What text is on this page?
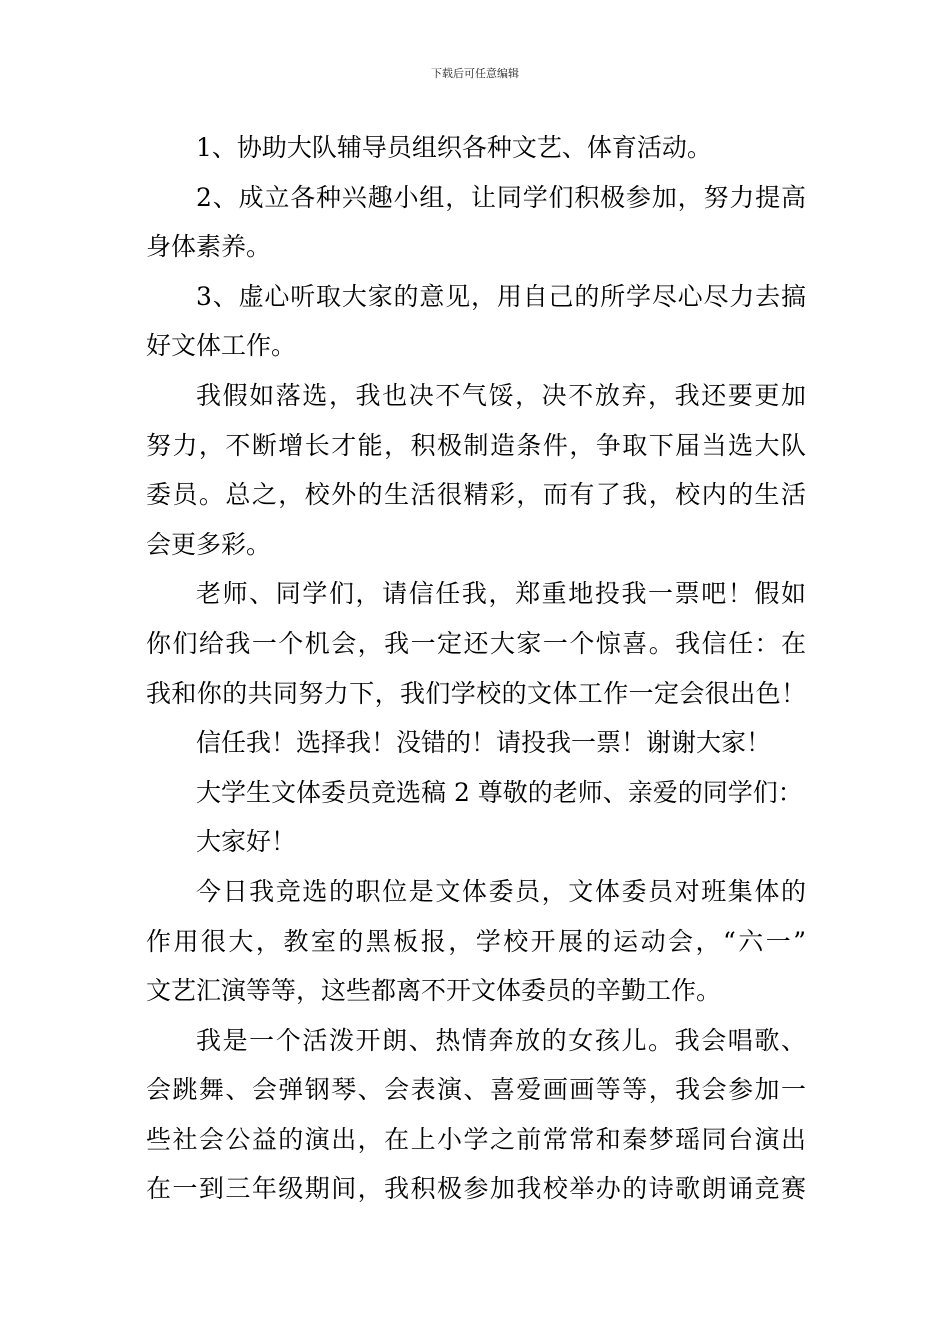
下载后可任意编辑
1、协助大队辅导员组织各种文艺、体育活动。
2、成立各种兴趣小组，让同学们积极参加，努力提高
身体素养。
3、虚心听取大家的意见，用自己的所学尽心尽力去搞
好文体工作。
我假如落选，我也决不气馁，决不放弃，我还要更加
努力，不断增长才能，积极制造条件，争取下届当选大队
委员。总之，校外的生活很精彩，而有了我，校内的生活
会更多彩。
老师、同学们，请信任我，郑重地投我一票吧！假如
你们给我一个机会，我一定还大家一个惊喜。我信任：在
我和你的共同努力下，我们学校的文体工作一定会很出色！
信任我！选择我！没错的！请投我一票！谢谢大家！
大学生文体委员竞选稿 2 尊敬的老师、亲爱的同学们：
大家好！
今日我竞选的职位是文体委员，文体委员对班集体的
作用很大，教室的黑板报，学校开展的运动会，“六一”
文艺汇演等等，这些都离不开文体委员的辛勤工作。
我是一个活泼开朗、热情奔放的女孩儿。我会唱歌、
会跳舞、会弹钢琴、会表演、喜爱画画等等，我会参加一
些社会公益的演出，在上小学之前常常和秦梦瑶同台演出
在一到三年级期间，我积极参加我校举办的诗歌朗诵竞赛
